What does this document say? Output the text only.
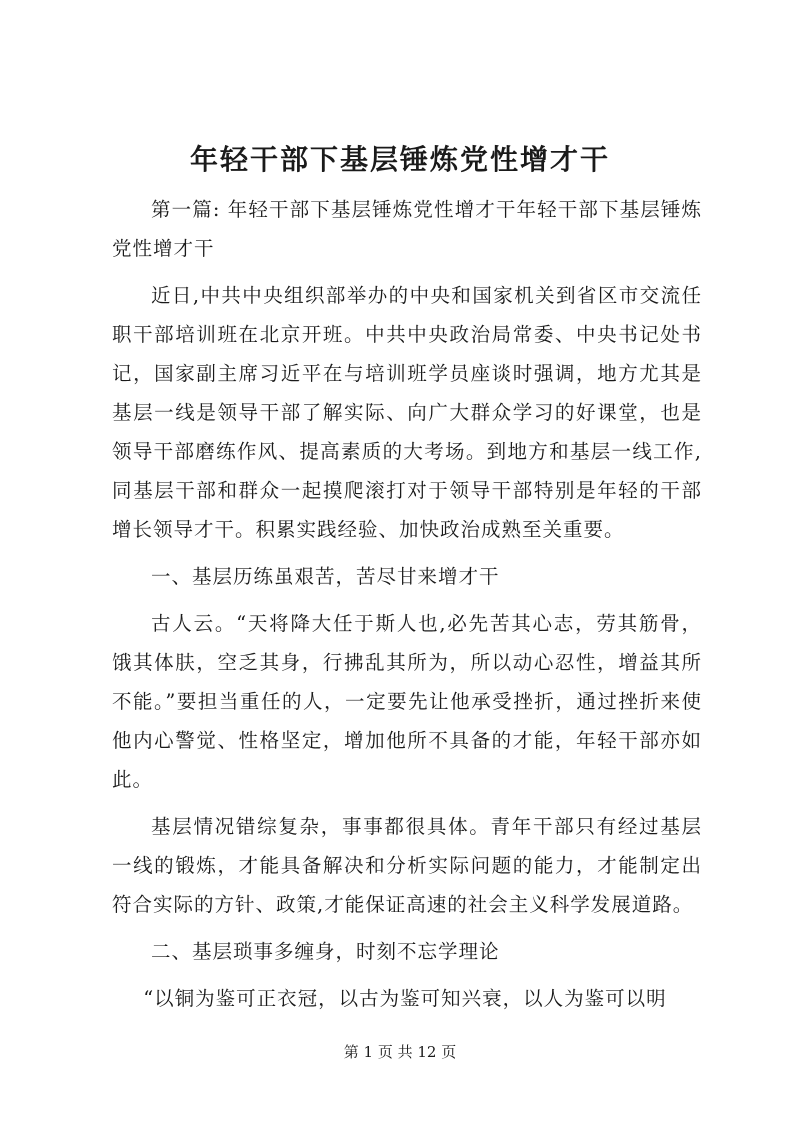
年轻干部下基层锤炼党性增才干

第一篇: 年轻干部下基层锤炼党性增才干年轻干部下基层锤炼党性增才干

近日,中共中央组织部举办的中央和国家机关到省区市交流任职干部培训班在北京开班。中共中央政治局常委、中央书记处书记，国家副主席习近平在与培训班学员座谈时强调，地方尤其是基层一线是领导干部了解实际、向广大群众学习的好课堂，也是领导干部磨练作风、提高素质的大考场。到地方和基层一线工作,同基层干部和群众一起摸爬滚打对于领导干部特别是年轻的干部增长领导才干。积累实践经验、加快政治成熟至关重要。

一、基层历练虽艰苦，苦尽甘来增才干

古人云。“天将降大任于斯人也,必先苦其心志，劳其筋骨，饿其体肤，空乏其身，行拂乱其所为，所以动心忍性，增益其所不能。”要担当重任的人，一定要先让他承受挫折，通过挫折来使他内心警觉、性格坚定，增加他所不具备的才能，年轻干部亦如此。

基层情况错综复杂，事事都很具体。青年干部只有经过基层一线的锻炼，才能具备解决和分析实际问题的能力，才能制定出符合实际的方针、政策,才能保证高速的社会主义科学发展道路。

二、基层琐事多缠身，时刻不忘学理论

“以铜为鉴可正衣冠，以古为鉴可知兴衰，以人为鉴可以明

第 1 页 共 12 页
